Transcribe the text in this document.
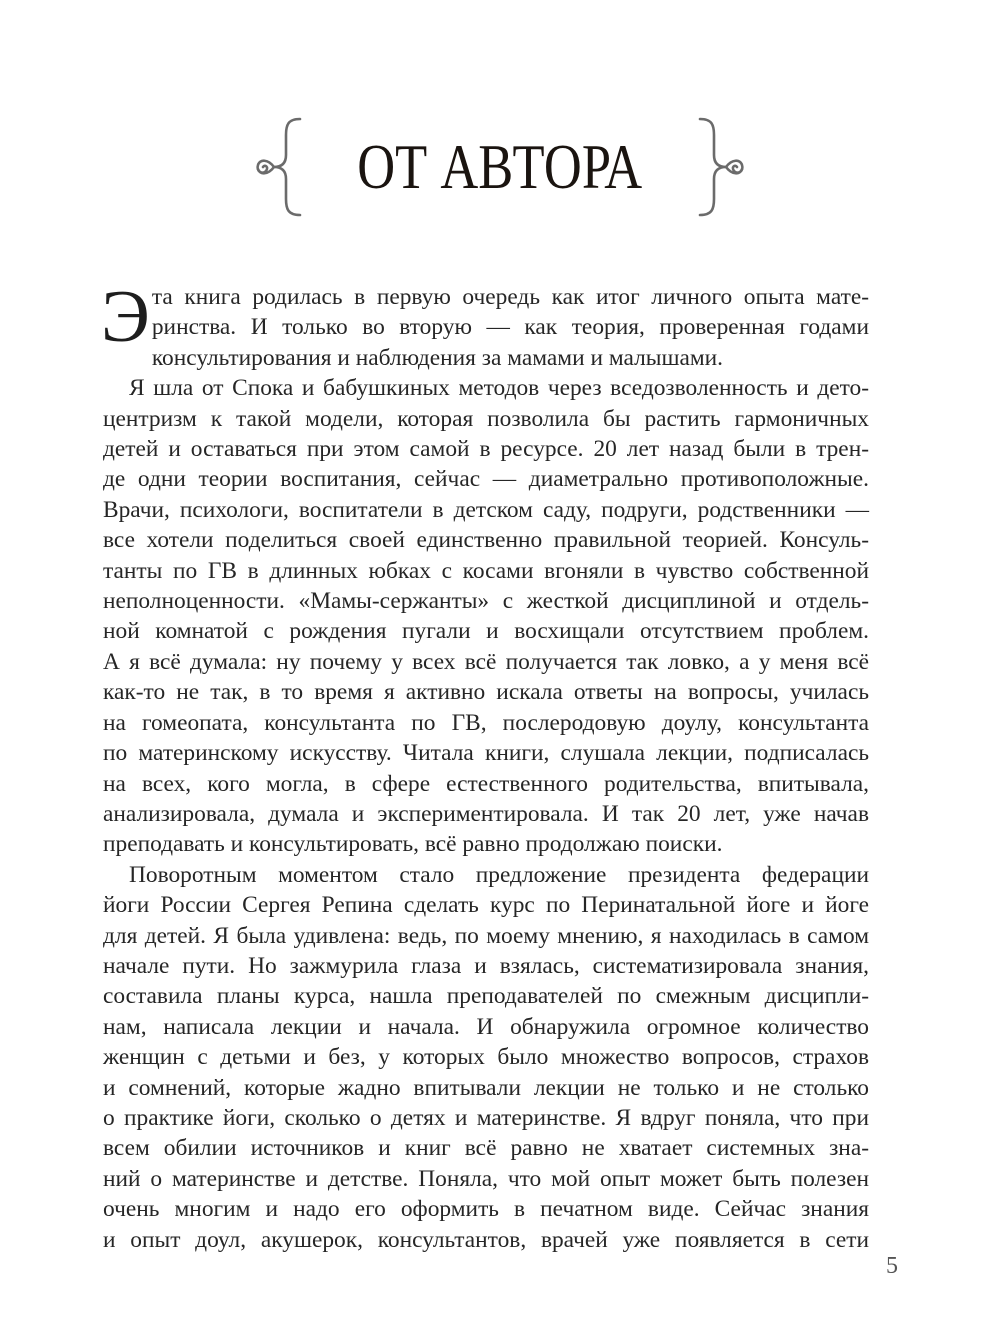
ОТ АВТОРА
Э та книга родилась в первую очередь как итог личного опыта мате-
ринства. И только во вторую — как теория, проверенная годами
консультирования и наблюдения за мамами и малышами.
Я шла от Спока и бабушкиных методов через вседозволенность и дето-
центризм к такой модели, которая позволила бы растить гармоничных
детей и оставаться при этом самой в ресурсе. 20 лет назад были в трен-
де одни теории воспитания, сейчас — диаметрально противоположные.
Врачи, психологи, воспитатели в детском саду, подруги, родственники —
все хотели поделиться своей единственно правильной теорией. Консуль-
танты по ГВ в длинных юбках с косами вгоняли в чувство собственной
неполноценности. «Мамы-сержанты» с жесткой дисциплиной и отдель-
ной комнатой с рождения пугали и восхищали отсутствием проблем.
А я всё думала: ну почему у всех всё получается так ловко, а у меня всё
как-то не так, в то время я активно искала ответы на вопросы, училась
на гомеопата, консультанта по ГВ, послеродовую доулу, консультанта
по материнскому искусству. Читала книги, слушала лекции, подписалась
на всех, кого могла, в сфере естественного родительства, впитывала,
анализировала, думала и экспериментировала. И так 20 лет, уже начав
преподавать и консультировать, всё равно продолжаю поиски.
Поворотным моментом стало предложение президента федерации
йоги России Сергея Репина сделать курс по Перинатальной йоге и йоге
для детей. Я была удивлена: ведь, по моему мнению, я находилась в самом
начале пути. Но зажмурила глаза и взялась, систематизировала знания,
составила планы курса, нашла преподавателей по смежным дисципли-
нам, написала лекции и начала. И обнаружила огромное количество
женщин с детьми и без, у которых было множество вопросов, страхов
и сомнений, которые жадно впитывали лекции не только и не столько
о практике йоги, сколько о детях и материнстве. Я вдруг поняла, что при
всем обилии источников и книг всё равно не хватает системных зна-
ний о материнстве и детстве. Поняла, что мой опыт может быть полезен
очень многим и надо его оформить в печатном виде. Сейчас знания
и опыт доул, акушерок, консультантов, врачей уже появляется в сети
5
